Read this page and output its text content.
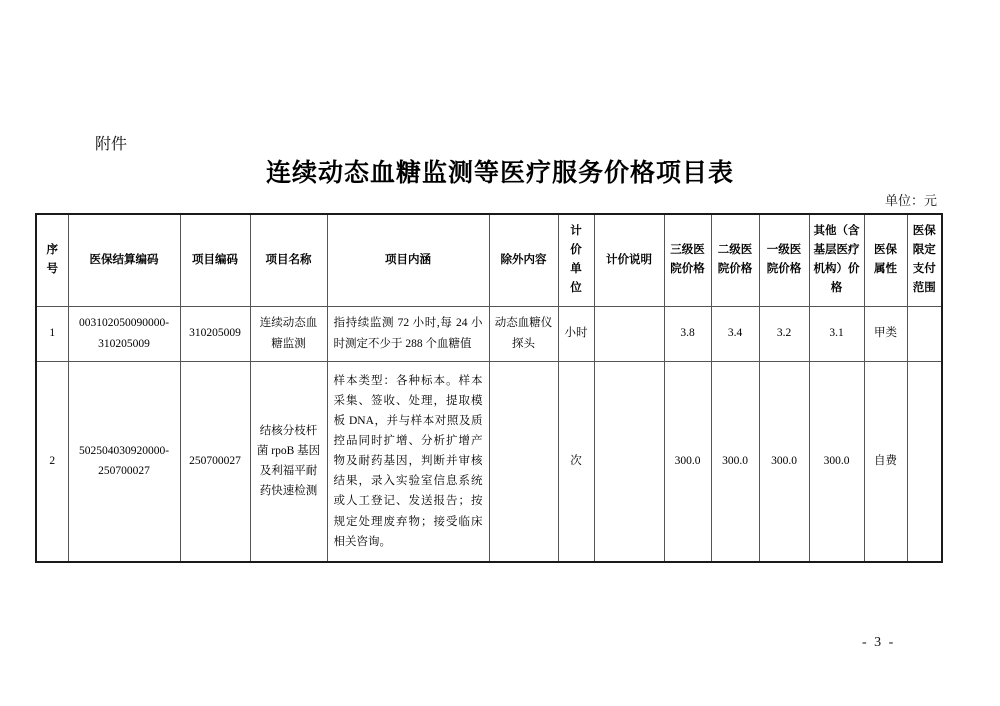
附件
连续动态血糖监测等医疗服务价格项目表
单位：元
序号	医保结算编码	项目编码	项目名称	项目内涵	除外内容	计价单位	计价说明	三级医院价格	二级医院价格	一级医院价格	其他（含基层医疗机构）价格	医保属性	医保限定支付范围
1	003102050090000-310205009	310205009	连续动态血糖监测	指持续监测 72 小时,每 24 小时测定不少于 288 个血糖值	动态血糖仪探头	小时		3.8	3.4	3.2	3.1	甲类	
2	502504030920000-250700027	250700027	结核分枝杆菌 rpoB 基因及利福平耐药快速检测	样本类型：各种标本。样本采集、签收、处理，提取模板 DNA，并与样本对照及质控品同时扩增、分析扩增产物及耐药基因，判断并审核结果，录入实验室信息系统或人工登记、发送报告；按规定处理废弃物；接受临床相关咨询。		次		300.0	300.0	300.0	300.0	自费	
- 3 -
